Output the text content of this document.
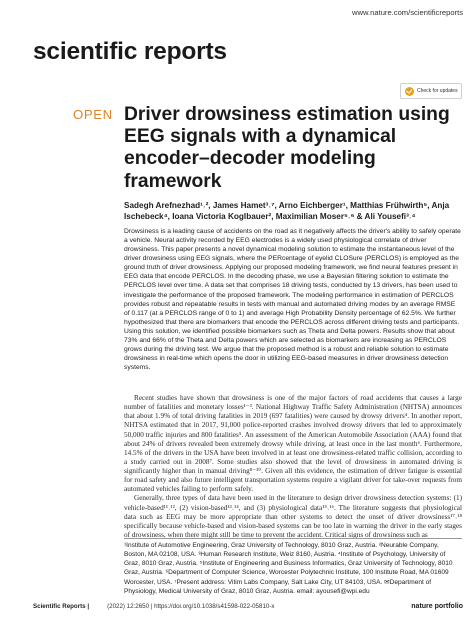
www.nature.com/scientificreports
scientific reports
Check for updates
OPEN Driver drowsiness estimation using EEG signals with a dynamical encoder–decoder modeling framework
Sadegh Arefnezhad¹˒², James Hamet³˒⁷, Arno Eichberger¹, Matthias Frühwirth⁵, Anja Ischebeck⁴, Ioana Victoria Koglbauer², Maximilian Moser⁵˒⁶ & Ali Yousefi³˒⁴
Drowsiness is a leading cause of accidents on the road as it negatively affects the driver's ability to safely operate a vehicle. Neural activity recorded by EEG electrodes is a widely used physiological correlate of driver drowsiness. This paper presents a novel dynamical modeling solution to estimate the instantaneous level of the driver drowsiness using EEG signals, where the PERcentage of eyelid CLOSure (PERCLOS) is employed as the ground truth of driver drowsiness. Applying our proposed modeling framework, we find neural features present in EEG data that encode PERCLOS. In the decoding phase, we use a Bayesian filtering solution to estimate the PERCLOS level over time. A data set that comprises 18 driving tests, conducted by 13 drivers, has been used to investigate the performance of the proposed framework. The modeling performance in estimation of PERCLOS provides robust and repeatable results in tests with manual and automated driving modes by an average RMSE of 0.117 (at a PERCLOS range of 0 to 1) and average High Probability Density percentage of 62.5%. We further hypothesized that there are biomarkers that encode the PERCLOS across different driving tests and participants. Using this solution, we identified possible biomarkers such as Theta and Delta powers. Results show that about 73% and 66% of the Theta and Delta powers which are selected as biomarkers are increasing as PERCLOS grows during the driving test. We argue that the proposed method is a robust and reliable solution to estimate drowsiness in real-time which opens the door in utilizing EEG-based measures in driver drowsiness detection systems.

Recent studies have shown that drowsiness is one of the major factors of road accidents that causes a large number of fatalities and monetary losses¹⁻³. National Highway Traffic Safety Administration (NHTSA) announces that about 1.9% of total driving fatalities in 2019 (697 fatalities) were caused by drowsy drivers⁴. In another report, NHTSA estimated that in 2017, 91,000 police-reported crashes involved drowsy drivers that led to approximately 50,000 traffic injuries and 800 fatalities⁵. An assessment of the American Automobile Association (AAA) found that about 24% of drivers revealed been extremely drowsy while driving, at least once in the last month⁶. Furthermore, 14.5% of the drivers in the USA have been involved in at least one drowsiness-related traffic collision, according to a study carried out in 2008⁷. Some studies also showed that the level of drowsiness in automated driving is significantly higher than in manual driving⁸⁻¹⁰. Given all this evidence, the estimation of driver fatigue is essential for road safety and also future intelligent transportation systems require a vigilant driver for take-over requests from automated vehicles failing to perform safely.

Generally, three types of data have been used in the literature to design driver drowsiness detection systems: (1) vehicle-based¹¹˒¹², (2) vision-based¹³˒¹⁴, and (3) physiological data¹⁵˒¹⁶. The literature suggests that physiological data such as EEG may be more appropriate than other systems to detect the onset of driver drowsiness¹⁷˒¹⁸ specifically because vehicle-based and vision-based systems can be too late in warning the driver in the early stages of drowsiness, when there might still be time to prevent the accident. Critical signs of drowsiness such as

¹Institute of Automotive Engineering, Graz University of Technology, 8010 Graz, Austria. ²Neurable Company, Boston, MA 02108, USA. ³Human Research Institute, Weiz 8160, Austria. ⁴Institute of Psychology, University of Graz, 8010 Graz, Austria. ⁵Institute of Engineering and Business Informatics, Graz University of Technology, 8010 Graz, Austria. ⁶Department of Computer Science, Worcester Polytechnic Institute, 100 Institute Road, MA 01609 Worcester, USA. ⁷Present address: Vitim Labs Company, Salt Lake City, UT 84103, USA. ✉Department of Physiology, Medical University of Graz, 8010 Graz, Austria. email: ayousefi@wpi.edu
Scientific Reports |	(2022) 12:2650 | https://doi.org/10.1038/s41598-022-05810-x	nature portfolio
